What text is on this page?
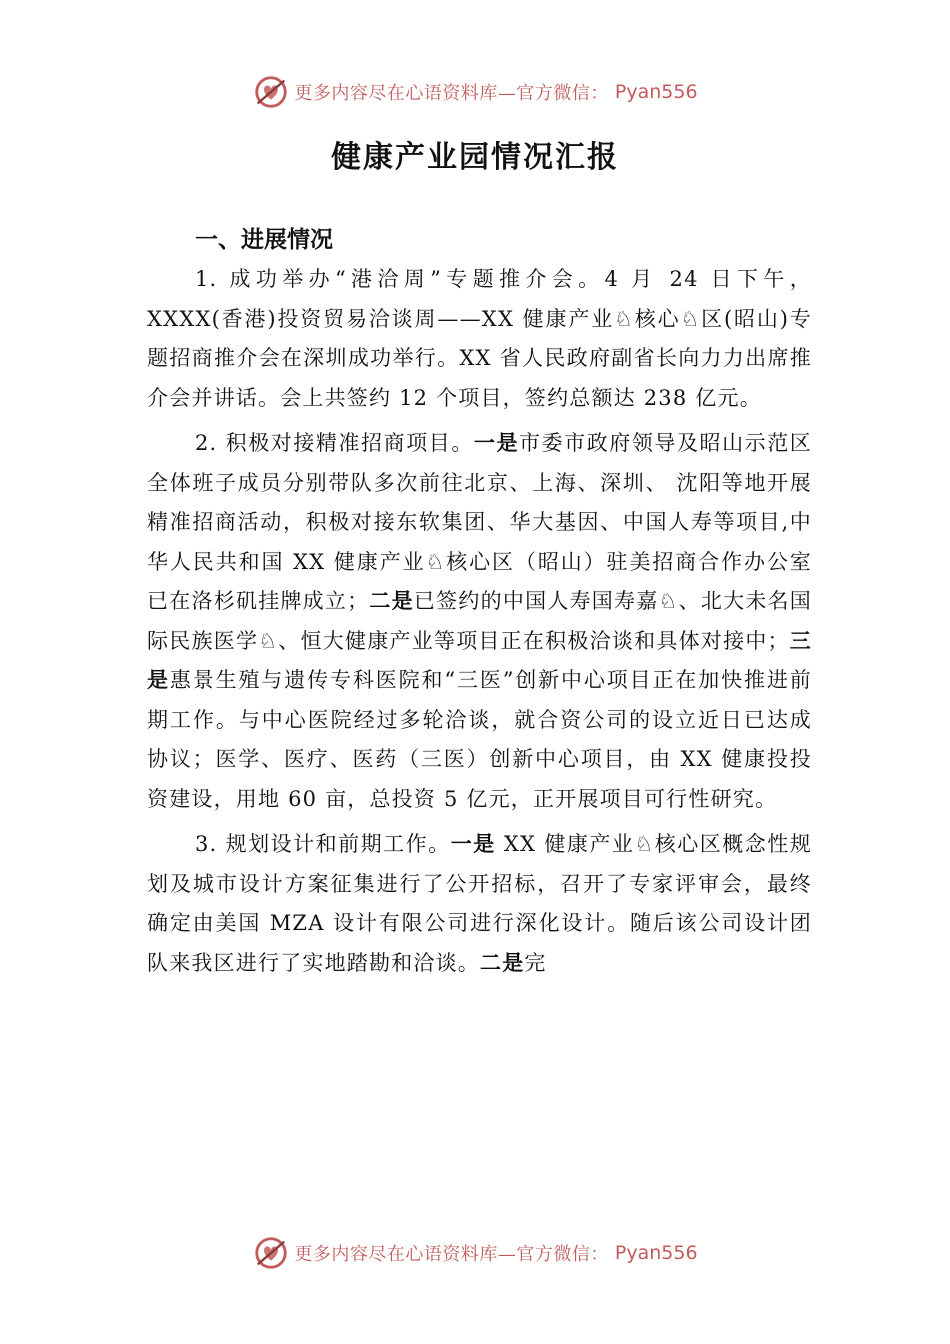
更多内容尽在心语资料库—官方微信： Pyan556
健康产业园情况汇报
一、进展情况

1. 成功举办“港洽周”专题推介会。4 月 24 日下午，XXXX(香港)投资贸易洽谈周——XX 健康产业♘核心♘区(昭山)专题招商推介会在深圳成功举行。XX 省人民政府副省长向力力出席推介会并讲话。会上共签约 12 个项目，签约总额达 238 亿元。

2. 积极对接精准招商项目。一是市委市政府领导及昭山示范区全体班子成员分别带队多次前往北京、上海、深圳、 沈阳等地开展精准招商活动，积极对接东软集团、华大基因、中国人寿等项目,中华人民共和国 XX 健康产业♘核心区（昭山）驻美招商合作办公室已在洛杉矶挂牌成立；二是已签约的中国人寿国寿嘉♘、北大未名国际民族医学♘、恒大健康产业等项目正在积极洽谈和具体对接中；三是惠景生殖与遗传专科医院和“三医”创新中心项目正在加快推进前期工作。与中心医院经过多轮洽谈，就合资公司的设立近日已达成协议；医学、医疗、医药（三医）创新中心项目，由 XX 健康投投资建设，用地 60 亩，总投资 5 亿元，正开展项目可行性研究。

3. 规划设计和前期工作。一是 XX 健康产业♘核心区概念性规划及城市设计方案征集进行了公开招标，召开了专家评审会，最终确定由美国 MZA 设计有限公司进行深化设计。随后该公司设计团队来我区进行了实地踏勘和洽谈。二是完

更多内容尽在心语资料库—官方微信： Pyan556
